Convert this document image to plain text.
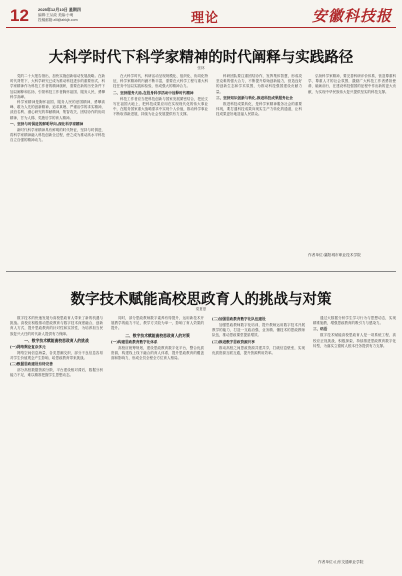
12 2025年12月10日 星期四
编辑:王从政 美编:小萌
投稿邮箱:zlll@ahkjb.com	理论	安徽科技报
大科学时代下科学家精神的时代阐释与实践路径
张林

党的二十大报告指出，加快实施创新驱动发展战略。在新时代背景下，大科学研究已成为推动科技进步的重要形式，科学家精神作为科技工作者的精神旗帜，需要在新的历史条件下加以阐释和弘扬，引领科技工作者胸怀祖国、服务人民，勇攀科学高峰。

科学家精神是胸怀祖国、服务人民的爱国精神，勇攀高峰、敢为人先的创新精神，追求真理、严谨治学的求实精神，淡泊名利、潜心研究的奉献精神，集智攻关、团结协作的协同精神，甘为人梯、奖掖后学的育人精神。

一、坚持与时俱进的鲜明导向,深化科学家精神

新时代科学家精神具有鲜明的时代特征，坚持与时俱进，将科学家精神融入科技创新全过程，使之成为推动高水平科技自立自强的精神动力。

在大科学时代，科研活动呈现规模化、组织化、协同化特征，科学家精神的内涵不断丰富，需要在大科学工程与重大科技任务中加以实践和检验，形成强大的精神合力。

二、坚持服务大局,在投身科学活动中诠释时代精神

科技工作者应当把科技创新与国家发展紧密结合，把论文写在祖国大地上，把科技成果应用在实现现代化的伟大事业中，在服务国家重大战略需求中实现个人价值，推动科学事业不断取得新进展，持续为社会发展提供有力支撑。

科研团队要注重团结协作，发挥集体智慧，形成攻坚克难的强大合力，不断提升原始创新能力，营造良好的创新生态和学术氛围，为推动科技强国建设贡献力量。

三、坚持知识创新与转化,推进科技成果服务社会

推进科技成果转化，是科学家精神服务社会的重要体现，要打通科技成果向现实生产力转化的通道，让科技成果更好地造福人民群众。

弘扬科学家精神，要完善科研评价体系，营造尊重科学、尊重人才的社会氛围，激励广大科技工作者勇担使命、砥砺前行，在建设科技强国的征程中作出新的更大贡献，为实现中华民族伟大复兴提供坚实的科技支撑。

作者单位:襄阳城市职业技术学院
数字技术赋能高校思政育人的挑战与对策
梁夏夏

数字技术的快速发展为高校思政育人带来了新的机遇与挑战。高校应积极推动思政教育与数字技术深度融合，创新育人方式，提升思政教育的针对性和实效性，为培养担当民族复兴大任的时代新人提供有力保障。

一、数字技术赋能高校思政育人的挑战
(一)网络舆论复杂多元

网络空间信息海量，各类思潮交织，部分不良信息容易对学生价值观念产生影响，给思政教育带来挑战。

(二)数据思政建设有待完善

部分高校数据资源分散，平台建设相对滞后，数据分析能力不足，难以精准把握学生思想动态。

同时，部分思政教师数字素养有待提升，运用新技术开展教学的能力不足，教学方式较为单一，影响了育人效果的提升。

二、数字技术赋能高校思政育人的对策
(一)构建思政教育数字化体系

高校应统筹规划，建设思政教育数字化平台，整合优质资源，构建线上线下融合的育人体系，提升思政教育的覆盖面和影响力，形成全员全程全方位育人格局。

(二)加强思政教育数字化队伍建设

加强思政教师数字化培训，提升教师运用数字技术开展教学的能力，打造一支政治强、业务精、懂技术的思政教师队伍，推动思政课堂提质增效。

(三)推进数字思政资源共享

推动高校之间思政资源共建共享，打破信息壁垒，实现优质资源互联互通，提升资源利用效率。

通过大数据分析学生学习行为与思想动态，实现精准施教，增强思政教育的吸引力与感染力。

三、结语

数字技术赋能高校思政育人是一项系统工程，高校应正视挑战，积极探索，持续推进思政教育数字化转型，为落实立德树人根本任务提供有力支撑。

作者单位:山东交通职业学院
